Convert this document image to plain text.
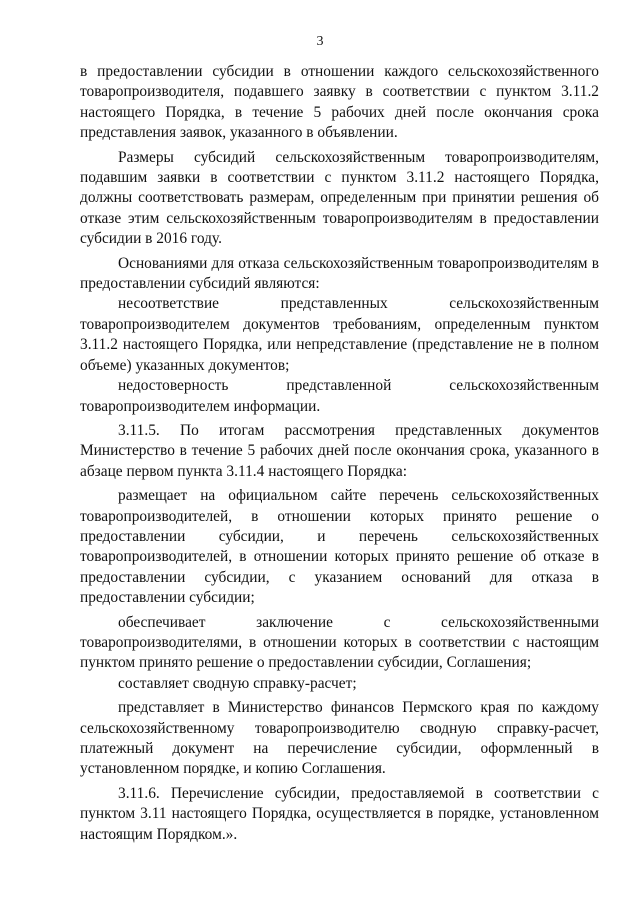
3

в предоставлении субсидии в отношении каждого сельскохозяйственного товаропроизводителя, подавшего заявку в соответствии с пунктом 3.11.2 настоящего Порядка, в течение 5 рабочих дней после окончания срока представления заявок, указанного в объявлении.

Размеры субсидий сельскохозяйственным товаропроизводителям, подавшим заявки в соответствии с пунктом 3.11.2 настоящего Порядка, должны соответствовать размерам, определенным при принятии решения об отказе этим сельскохозяйственным товаропроизводителям в предоставлении субсидии в 2016 году.

Основаниями для отказа сельскохозяйственным товаропроизводителям в предоставлении субсидий являются:

несоответствие представленных сельскохозяйственным товаропроизводителем документов требованиям, определенным пунктом 3.11.2 настоящего Порядка, или непредставление (представление не в полном объеме) указанных документов;

недостоверность представленной сельскохозяйственным товаропроизводителем информации.

3.11.5. По итогам рассмотрения представленных документов Министерство в течение 5 рабочих дней после окончания срока, указанного в абзаце первом пункта 3.11.4 настоящего Порядка:

размещает на официальном сайте перечень сельскохозяйственных товаропроизводителей, в отношении которых принято решение о предоставлении субсидии, и перечень сельскохозяйственных товаропроизводителей, в отношении которых принято решение об отказе в предоставлении субсидии, с указанием оснований для отказа в предоставлении субсидии;

обеспечивает заключение с сельскохозяйственными товаропроизводителями, в отношении которых в соответствии с настоящим пунктом принято решение о предоставлении субсидии, Соглашения;

составляет сводную справку-расчет;

представляет в Министерство финансов Пермского края по каждому сельскохозяйственному товаропроизводителю сводную справку-расчет, платежный документ на перечисление субсидии, оформленный в установленном порядке, и копию Соглашения.

3.11.6. Перечисление субсидии, предоставляемой в соответствии с пунктом 3.11 настоящего Порядка, осуществляется в порядке, установленном настоящим Порядком.».
